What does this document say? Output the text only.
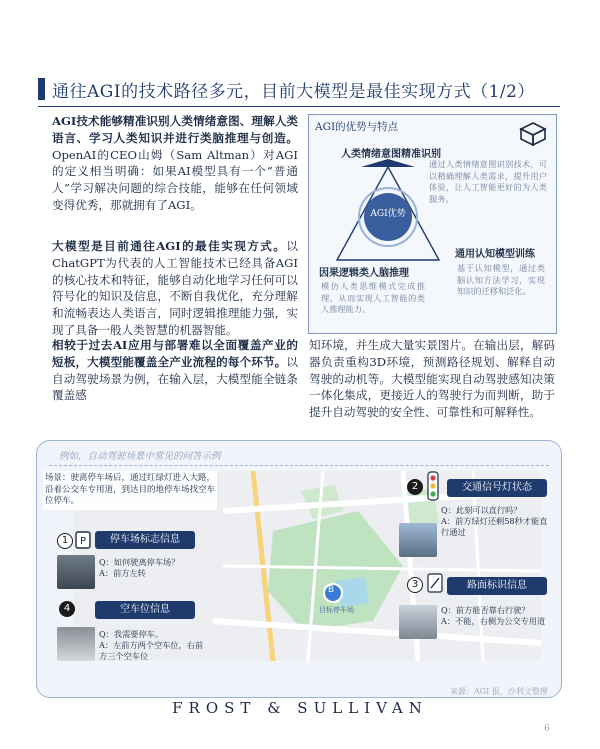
通往AGI的技术路径多元，目前大模型是最佳实现方式（1/2）
AGI技术能够精准识别人类情绪意图、理解人类语言、学习人类知识并进行类脑推理与创造。OpenAI的CEO山姆（Sam Altman）对AGI的定义相当明确：如果AI模型具有一个“普通人”学习解决问题的综合技能，能够在任何领域变得优秀，那就拥有了AGI。
大模型是目前通往AGI的最佳实现方式。以ChatGPT为代表的人工智能技术已经具备AGI的核心技术和特征，能够自动化地学习任何可以符号化的知识及信息，不断自我优化，充分理解和流畅表达人类语言，同时逻辑推理能力强，实现了具备一般人类智慧的机器智能。
相较于过去AI应用与部署难以全面覆盖产业的短板，大模型能覆盖全产业流程的每个环节。以自动驾驶场景为例，在输入层，大模型能全链条覆盖感
知环境，并生成大量实景图片。在输出层，解码器负责重构3D环境，预测路径规划、解释自动驾驶的动机等。大模型能实现自动驾驶感知决策一体化集成，更接近人的驾驶行为而判断，助于提升自动驾驶的安全性、可靠性和可解释性。
AGI的优势与特点
AGI优势
人类情绪意图精准识别
通过人类情绪意图识别技术，可以精确理解人类需求，提升用户体验，让人工智能更好的为人类服务。
通用认知模型训练
基于认知模型，通过类脑认知方法学习，实现知识的迁移和泛化。
因果逻辑类人脑推理
模仿人类思维模式完成推理，从而实现人工智能的类人推理能力。
例如，自动驾驶场景中常见的问答示例
B
目标停车场
场景：驶离停车场后，通过红绿灯进入大路，沿着公交车专用道，到达目的地停车场找空车位停车。
1	P	停车场标志信息
Q：如何驶离停车场？
A：前方左转
4	空车位信息
Q：我需要停车。
A：左前方两个空车位，右前方三个空车位
2	交通信号灯状态
Q：此刻可以直行吗？
A：前方绿灯还剩58秒才能直行通过
3	路面标识信息
Q：前方能否靠右行驶？
A：不能，右侧为公交专用道
来源：AGI 报，沙利文整理
FROST & SULLIVAN
6
